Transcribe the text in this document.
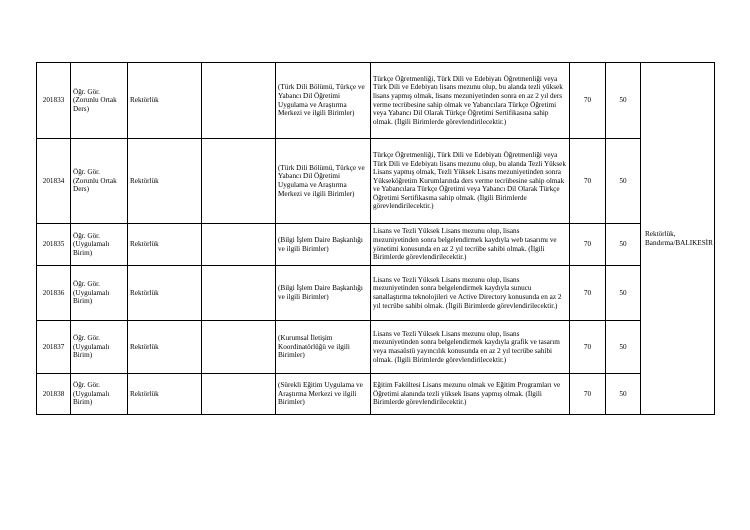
201833	Öğr. Gör. (Zorunlu Ortak Ders)	Rektörlük		(Türk Dili Bölümü, Türkçe ve Yabancı Dil Öğretimi Uygulama ve Araştırma Merkezi ve ilgili Birimler)	Türkçe Öğretmenliği, Türk Dili ve Edebiyatı Öğretmenliği veya Türk Dili ve Edebiyatı lisans mezunu olup, bu alanda tezli yüksek lisans yapmış olmak, lisans mezuniyetinden sonra en az 2 yıl ders verme tecrübesine sahip olmak ve Yabancılara Türkçe Öğretimi veya Yabancı Dil Olarak Türkçe Öğretimi Sertifikasına sahip olmak. (İlgili Birimlerde görevlendirilecektir.)	70	50	Rektörlük, Bandırma/BALIKESİR
201834	Öğr. Gör. (Zorunlu Ortak Ders)	Rektörlük		(Türk Dili Bölümü, Türkçe ve Yabancı Dil Öğretimi Uygulama ve Araştırma Merkezi ve ilgili Birimler)	Türkçe Öğretmenliği, Türk Dili ve Edebiyatı Öğretmenliği veya Türk Dili ve Edebiyatı lisans mezunu olup, bu alanda Tezli Yüksek Lisans yapmış olmak, Tezli Yüksek Lisans mezuniyetinden sonra Yükseköğretim Kurumlarında ders verme tecrübesine sahip olmak ve Yabancılara Türkçe Öğretimi veya Yabancı Dil Olarak Türkçe Öğretimi Sertifikasına sahip olmak. (İlgili Birimlerde görevlendirilecektir.)	70	50	
201835	Öğr. Gör. (Uygulamalı Birim)	Rektörlük		(Bilgi İşlem Daire Başkanlığı ve ilgili Birimler)	Lisans ve Tezli Yüksek Lisans mezunu olup, lisans mezuniyetinden sonra belgelendirmek kaydıyla web tasarımı ve yönetimi konusunda en az 2 yıl tecrübe sahibi olmak. (İlgili Birimlerde görevlendirilecektir.)	70	50	
201836	Öğr. Gör. (Uygulamalı Birim)	Rektörlük		(Bilgi İşlem Daire Başkanlığı ve ilgili Birimler)	Lisans ve Tezli Yüksek Lisans mezunu olup, lisans mezuniyetinden sonra belgelendirmek kaydıyla sunucu sanallaştırma teknolojileri ve Active Directory konusunda en az 2 yıl tecrübe sahibi olmak. (İlgili Birimlerde görevlendirilecektir.)	70	50	
201837	Öğr. Gör. (Uygulamalı Birim)	Rektörlük		(Kurumsal İletişim Koordinatörlüğü ve ilgili Birimler)	Lisans ve Tezli Yüksek Lisans mezunu olup, lisans mezuniyetinden sonra belgelendirmek kaydıyla grafik ve tasarım veya masaüstü yayıncılık konusunda en az 2 yıl tecrübe sahibi olmak. (İlgili Birimlerde görevlendirilecektir.)	70	50	
201838	Öğr. Gör. (Uygulamalı Birim)	Rektörlük		(Sürekli Eğitim Uygulama ve Araştırma Merkezi ve ilgili Birimler)	Eğitim Fakültesi Lisans mezunu olmak ve Eğitim Programları ve Öğretimi alanında tezli yüksek lisans yapmış olmak. (İlgili Birimlerde görevlendirilecektir.)	70	50	
